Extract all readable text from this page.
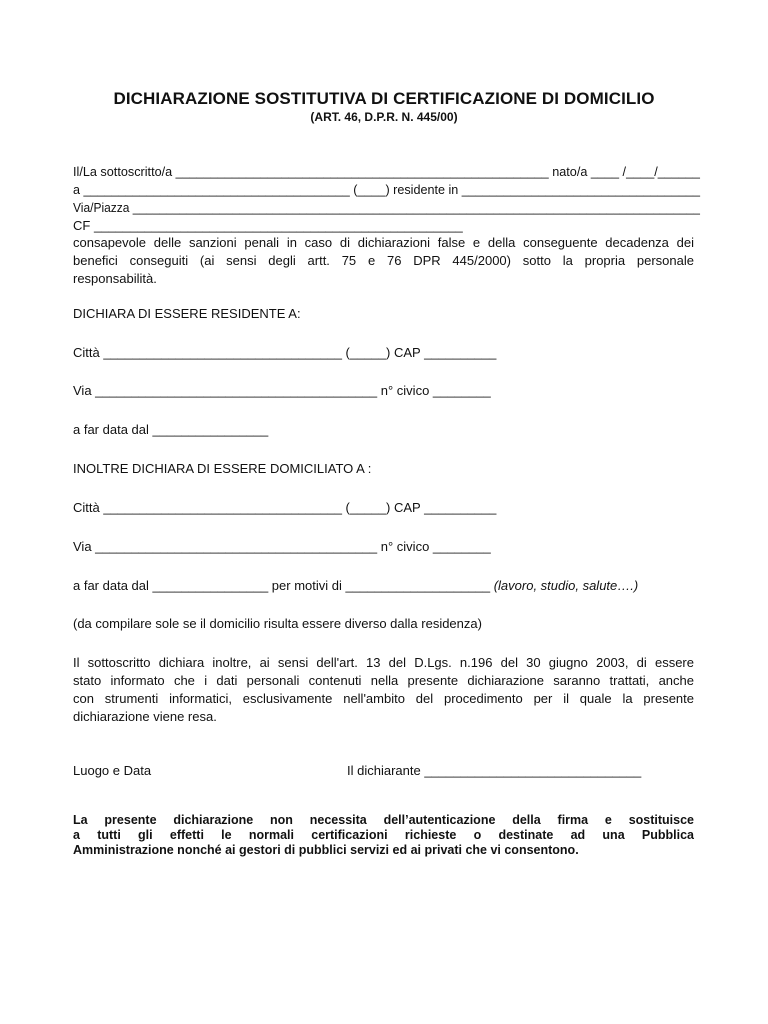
DICHIARAZIONE SOSTITUTIVA DI CERTIFICAZIONE DI DOMICILIO
(ART. 46, D.P.R. N. 445/00)
Il/La sottoscritto/a _____________________________________________________ nato/a ____ /____/______
a ______________________________________ (____) residente in __________________________________
Via/Piazza _____________________________________________________________________________________
CF ___________________________________________________
consapevole delle sanzioni penali in caso di dichiarazioni false e della conseguente decadenza dei
benefici conseguiti (ai sensi degli artt. 75 e 76 DPR 445/2000) sotto la propria personale
responsabilità.
DICHIARA DI ESSERE RESIDENTE A:
Città _________________________________ (_____) CAP __________
Via _______________________________________ n° civico ________
a far data dal ________________
INOLTRE DICHIARA DI ESSERE DOMICILIATO A :
Città _________________________________ (_____) CAP __________
Via _______________________________________ n° civico ________
a far data dal ________________ per motivi di ____________________ (lavoro, studio, salute….)
(da compilare sole se il domicilio risulta essere diverso dalla residenza)
Il sottoscritto dichiara inoltre, ai sensi dell'art. 13 del D.Lgs. n.196 del 30 giugno 2003, di essere
stato informato che i dati personali contenuti nella presente dichiarazione saranno trattati, anche
con strumenti informatici, esclusivamente nell'ambito del procedimento per il quale la presente
dichiarazione viene resa.
Luogo e Data	Il dichiarante ______________________________
La presente dichiarazione non necessita dell’autenticazione della firma e sostituisce
a tutti gli effetti le normali certificazioni richieste o destinate ad una Pubblica
Amministrazione nonché ai gestori di pubblici servizi ed ai privati che vi consentono.
